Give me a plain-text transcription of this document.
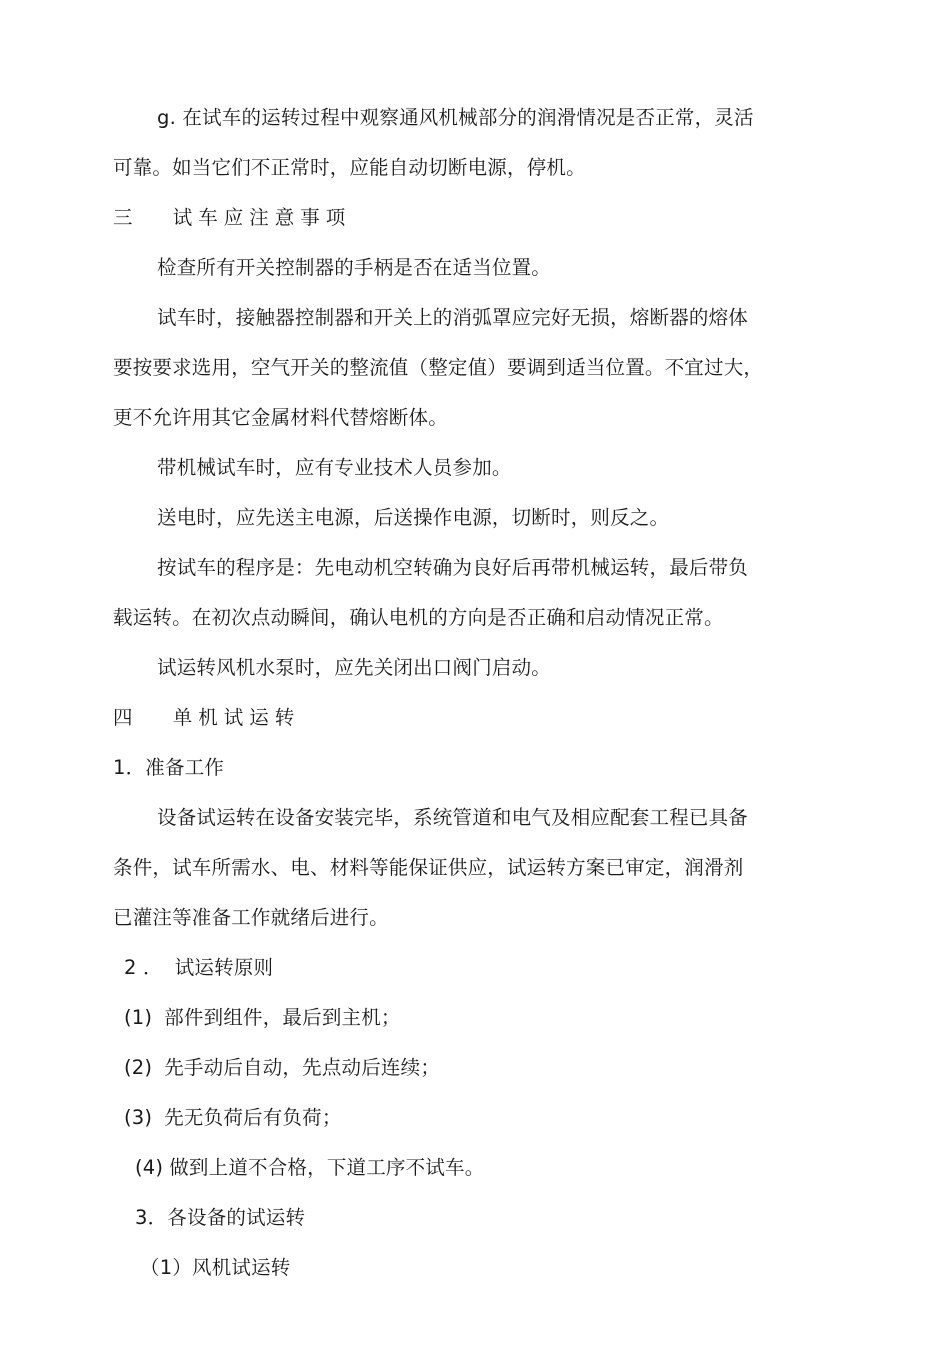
g. 在试车的运转过程中观察通风机械部分的润滑情况是否正常，灵活
可靠。如当它们不正常时，应能自动切断电源，停机。
三 试车应注意事项
检查所有开关控制器的手柄是否在适当位置。
试车时，接触器控制器和开关上的消弧罩应完好无损，熔断器的熔体
要按要求选用，空气开关的整流值（整定值）要调到适当位置。不宜过大，
更不允许用其它金属材料代替熔断体。
带机械试车时，应有专业技术人员参加。
送电时，应先送主电源，后送操作电源，切断时，则反之。
按试车的程序是：先电动机空转确为良好后再带机械运转，最后带负
载运转。在初次点动瞬间，确认电机的方向是否正确和启动情况正常。
试运转风机水泵时，应先关闭出口阀门启动。
四 单机试运转
1．准备工作
设备试运转在设备安装完毕，系统管道和电气及相应配套工程已具备
条件，试车所需水、电、材料等能保证供应，试运转方案已审定，润滑剂
已灌注等准备工作就绪后进行。
2 ． 试运转原则
(1) 部件到组件，最后到主机；
(2) 先手动后自动，先点动后连续；
(3) 先无负荷后有负荷；
(4) 做到上道不合格，下道工序不试车。
3．各设备的试运转
（1）风机试运转
